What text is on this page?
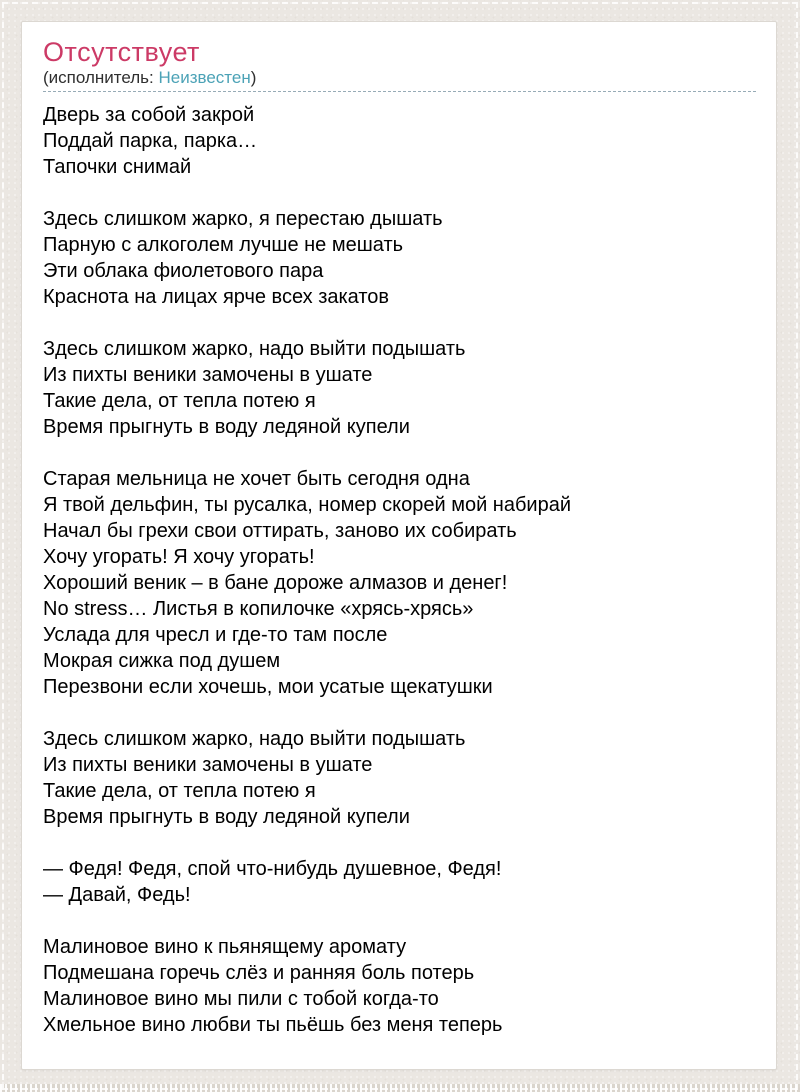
Отсутствует
(исполнитель: Неизвестен)
Дверь за собой закрой
Поддай парка, парка…
Тапочки снимай

Здесь слишком жарко, я перестаю дышать
Парную с алкоголем лучше не мешать
Эти облака фиолетового пара
Краснота на лицах ярче всех закатов

Здесь слишком жарко, надо выйти подышать
Из пихты веники замочены в ушате
Такие дела, от тепла потею я
Время прыгнуть в воду ледяной купели

Старая мельница не хочет быть сегодня одна
Я твой дельфин, ты русалка, номер скорей мой набирай
Начал бы грехи свои оттирать, заново их собирать
Хочу угорать! Я хочу угорать!
Хороший веник – в бане дороже алмазов и денег!
No stress… Листья в копилочке «хрясь-хрясь»
Услада для чресл и где-то там после
Мокрая сижка под душем
Перезвони если хочешь, мои усатые щекатушки

Здесь слишком жарко, надо выйти подышать
Из пихты веники замочены в ушате
Такие дела, от тепла потею я
Время прыгнуть в воду ледяной купели

— Федя! Федя, спой что-нибудь душевное, Федя!
— Давай, Федь!

Малиновое вино к пьянящему аромату
Подмешана горечь слёз и ранняя боль потерь
Малиновое вино мы пили с тобой когда-то
Хмельное вино любви ты пьёшь без меня теперь
